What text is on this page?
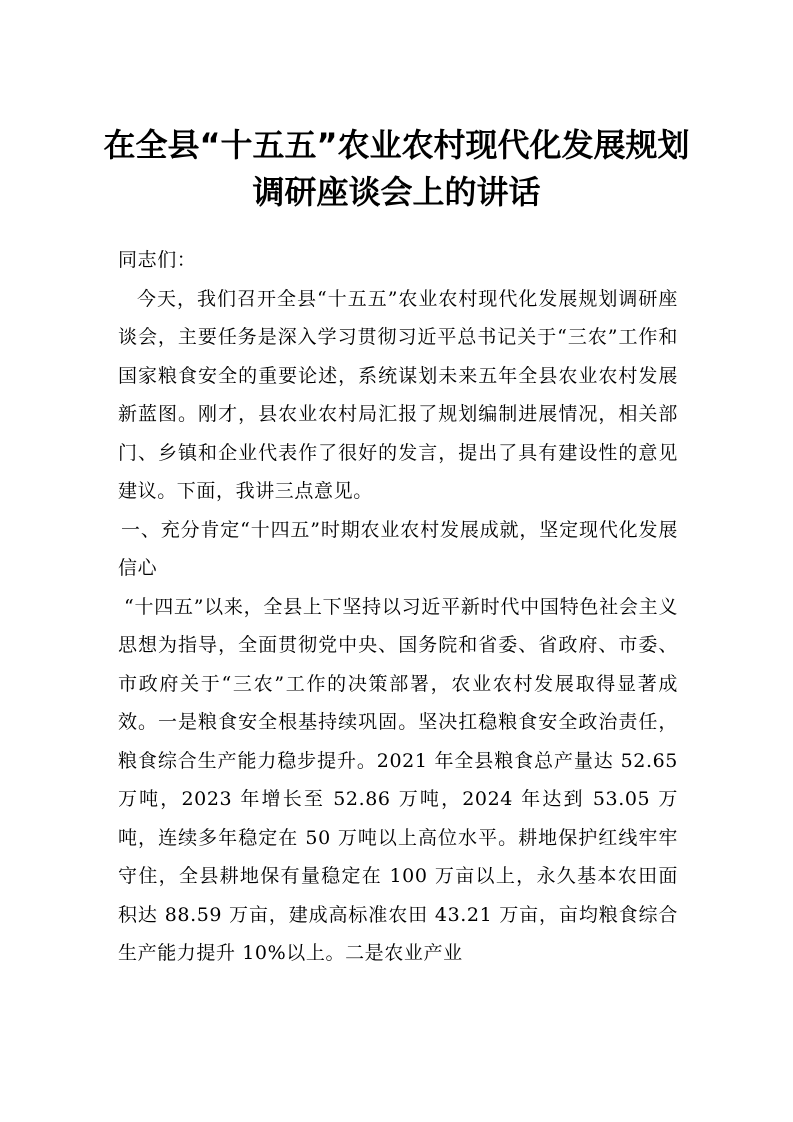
在全县“十五五”农业农村现代化发展规划
调研座谈会上的讲话

同志们：

今天，我们召开全县“十五五”农业农村现代化发展规划调研座谈会，主要任务是深入学习贯彻习近平总书记关于“三农”工作和国家粮食安全的重要论述，系统谋划未来五年全县农业农村发展新蓝图。刚才，县农业农村局汇报了规划编制进展情况，相关部门、乡镇和企业代表作了很好的发言，提出了具有建设性的意见建议。下面，我讲三点意见。

一、充分肯定“十四五”时期农业农村发展成就，坚定现代化发展信心

“十四五”以来，全县上下坚持以习近平新时代中国特色社会主义思想为指导，全面贯彻党中央、国务院和省委、省政府、市委、市政府关于“三农”工作的决策部署，农业农村发展取得显著成效。一是粮食安全根基持续巩固。坚决扛稳粮食安全政治责任，粮食综合生产能力稳步提升。2021 年全县粮食总产量达 52.65 万吨，2023 年增长至 52.86 万吨，2024 年达到 53.05 万吨，连续多年稳定在 50 万吨以上高位水平。耕地保护红线牢牢守住，全县耕地保有量稳定在 100 万亩以上，永久基本农田面积达 88.59 万亩，建成高标准农田 43.21 万亩，亩均粮食综合生产能力提升 10%以上。二是农业产业
